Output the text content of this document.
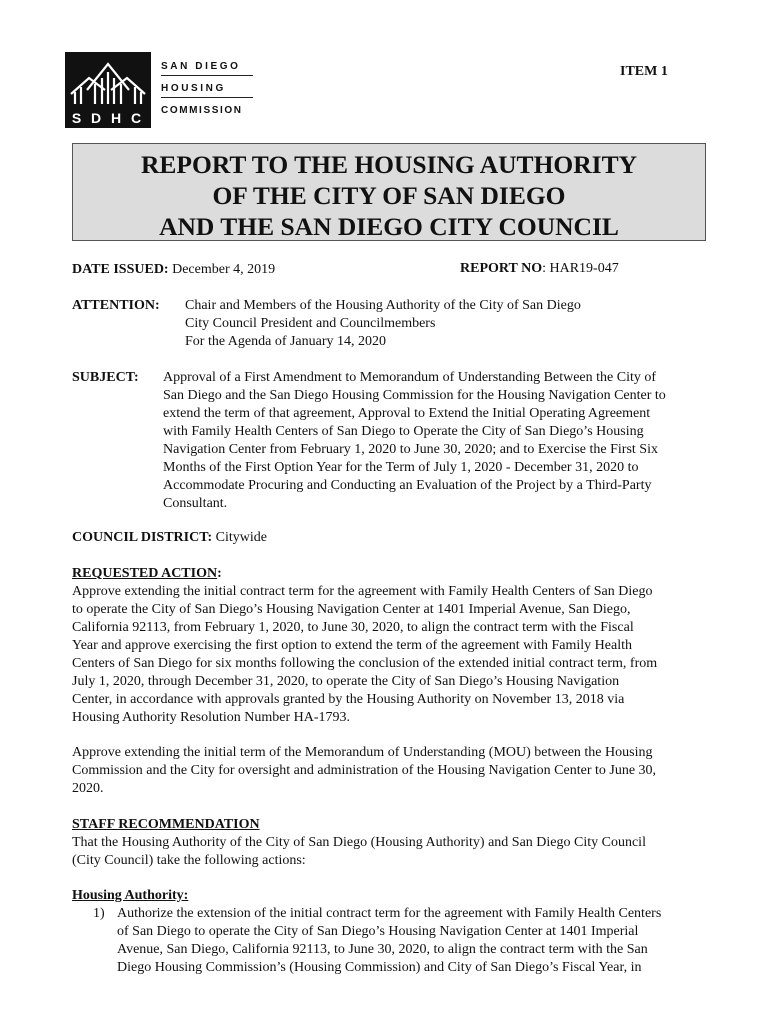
S D H C
SAN DIEGO
HOUSING
COMMISSION
ITEM 1
REPORT TO THE HOUSING AUTHORITY
OF THE CITY OF SAN DIEGO
AND THE SAN DIEGO CITY COUNCIL
DATE ISSUED: December 4, 2019	REPORT NO: HAR19-047
ATTENTION: Chair and Members of the Housing Authority of the City of San Diego
City Council President and Councilmembers
For the Agenda of January 14, 2020
SUBJECT: Approval of a First Amendment to Memorandum of Understanding Between the City of
San Diego and the San Diego Housing Commission for the Housing Navigation Center to
extend the term of that agreement, Approval to Extend the Initial Operating Agreement
with Family Health Centers of San Diego to Operate the City of San Diego’s Housing
Navigation Center from February 1, 2020 to June 30, 2020; and to Exercise the First Six
Months of the First Option Year for the Term of July 1, 2020 - December 31, 2020 to
Accommodate Procuring and Conducting an Evaluation of the Project by a Third-Party
Consultant.
COUNCIL DISTRICT: Citywide
REQUESTED ACTION:
Approve extending the initial contract term for the agreement with Family Health Centers of San Diego
to operate the City of San Diego’s Housing Navigation Center at 1401 Imperial Avenue, San Diego,
California 92113, from February 1, 2020, to June 30, 2020, to align the contract term with the Fiscal
Year and approve exercising the first option to extend the term of the agreement with Family Health
Centers of San Diego for six months following the conclusion of the extended initial contract term, from
July 1, 2020, through December 31, 2020, to operate the City of San Diego’s Housing Navigation
Center, in accordance with approvals granted by the Housing Authority on November 13, 2018 via
Housing Authority Resolution Number HA-1793.
Approve extending the initial term of the Memorandum of Understanding (MOU) between the Housing
Commission and the City for oversight and administration of the Housing Navigation Center to June 30,
2020.
STAFF RECOMMENDATION
That the Housing Authority of the City of San Diego (Housing Authority) and San Diego City Council
(City Council) take the following actions:
Housing Authority:
1) Authorize the extension of the initial contract term for the agreement with Family Health Centers
of San Diego to operate the City of San Diego’s Housing Navigation Center at 1401 Imperial
Avenue, San Diego, California 92113, to June 30, 2020, to align the contract term with the San
Diego Housing Commission’s (Housing Commission) and City of San Diego’s Fiscal Year, in
